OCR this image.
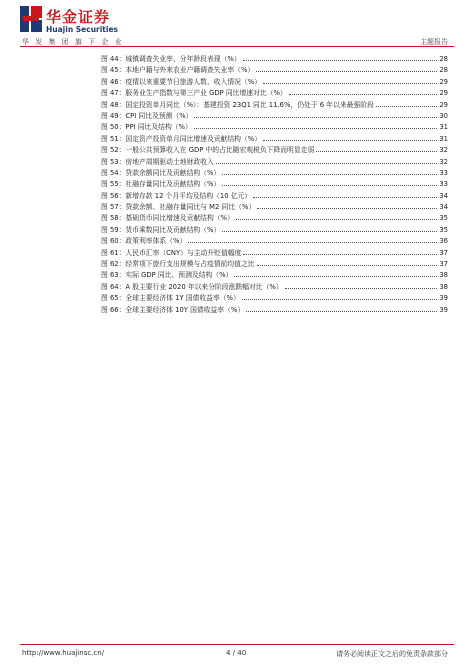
华金证券
Huajin Securities
华 发 集 团 旗 下 企 业	主题报告
图 44：城镇调查失业率，分年龄段表现（%）	28
图 45：本地户籍与外来农业户籍调查失业率（%）	28
图 46：疫情以来重要节日旅游人数、收入情况（%）	29
图 47：服务业生产指数与第三产业 GDP 同比增速对比（%）	29
图 48：国定投资单月同比（%）：基建投资 23Q1 同比 11.6%，仍处于 6 年以来最强阶段	29
图 49：CPI 同比及预测（%）	30
图 50：PPI 同比及结构（%）	31
图 51：国定资产投资单月同比增速及贡献结构（%）	31
图 52：一般公共预算收入在 GDP 中的占比随宏观税负下降而明显走弱	32
图 53：房地产周期驱动土地财政收入	32
图 54：贷款余额同比及贡献结构（%）	33
图 55：社融存量同比及贡献结构（%）	33
图 56：新增存款 12 个月平均及结构（10 亿元）	34
图 57：贷款余额、社融存量同比与 M2 同比（%）	34
图 58：基础货币同比增速及贡献结构（%）	35
图 59：货币乘数同比及贡献结构（%）	35
图 60：政策利率体系（%）	36
图 61：人民币汇率（CNY）与主动升贬值幅度	37
图 62：经常项下旅行支出规模与占疫情前均值之比	37
图 63：实际 GDP 同比、预测及结构（%）	38
图 64：A 股主要行业 2020 年以来分阶段涨跌幅对比（%）	38
图 65：全球主要经济体 1Y 国债收益率（%）	39
图 66：全球主要经济体 10Y 国债收益率（%）	39
http://www.huajinsc.cn/	4 / 40	请务必阅读正文之后的免责条款部分
